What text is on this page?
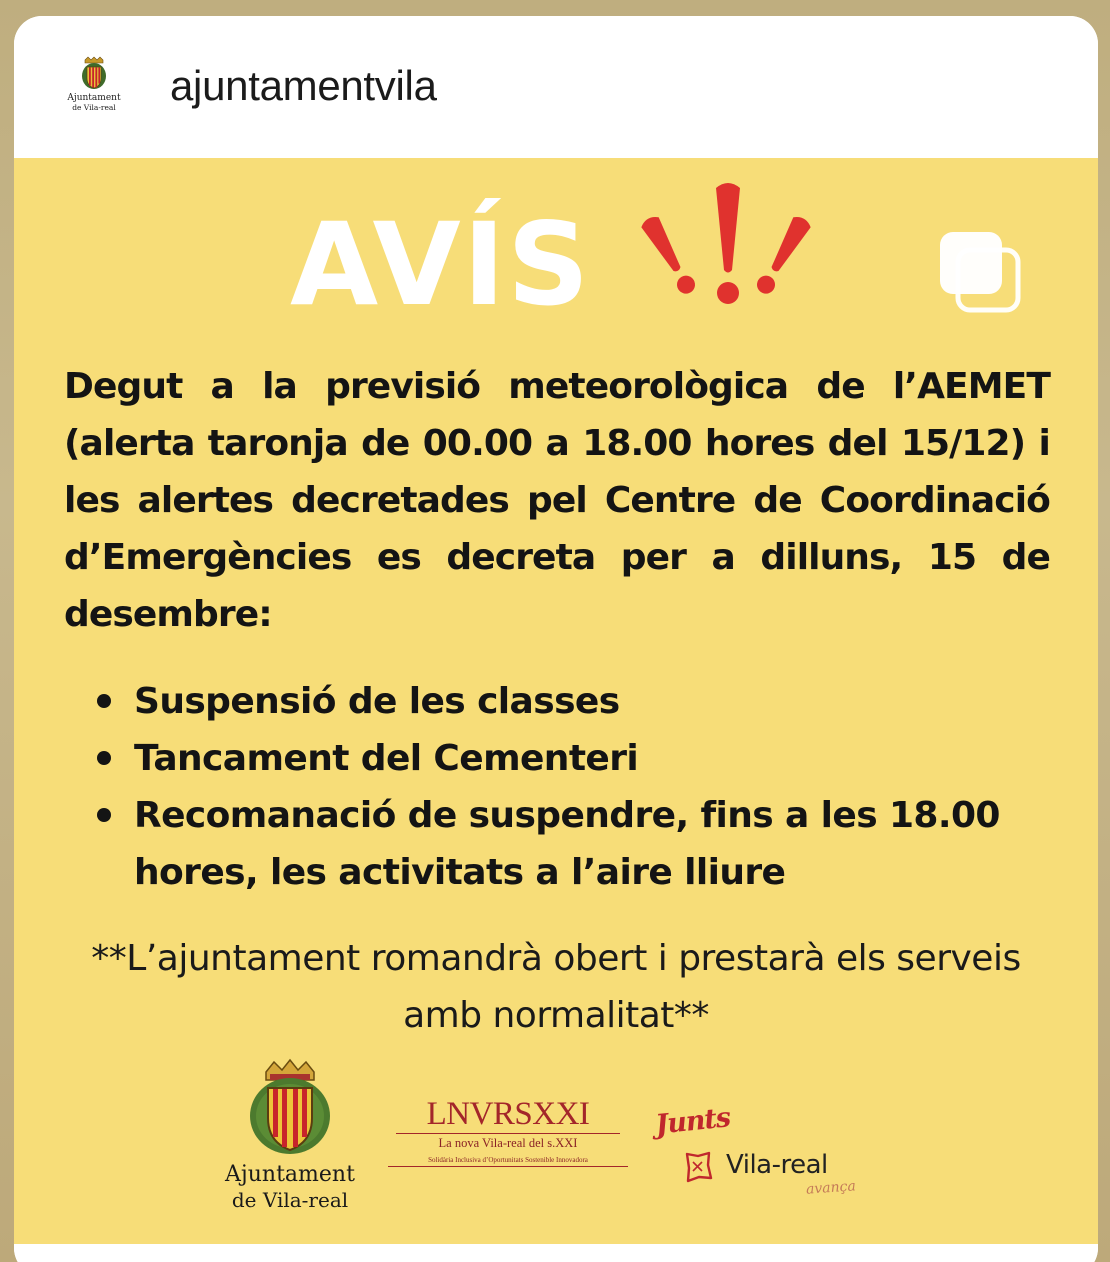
Ajuntament
de Vila-real	ajuntamentvila
AVÍS

Degut a la previsió meteorològica de l’AEMET (alerta taronja de 00.00 a 18.00 hores del 15/12) i les alertes decretades pel Centre de Coordinació d’Emergències es decreta per a dilluns, 15 de desembre:

Suspensió de les classes
Tancament del Cementeri
Recomanació de suspendre, fins a les 18.00 hores, les activitats a l’aire lliure

**L’ajuntament romandrà obert i prestarà els serveis amb normalitat**

Ajuntament
de Vila-real
LNVRSXXI
La nova Vila-real del s.XXI
Solidària Inclusiva d’Oportunitats Sostenible Innovadora
Junts
Vila-real
avança
